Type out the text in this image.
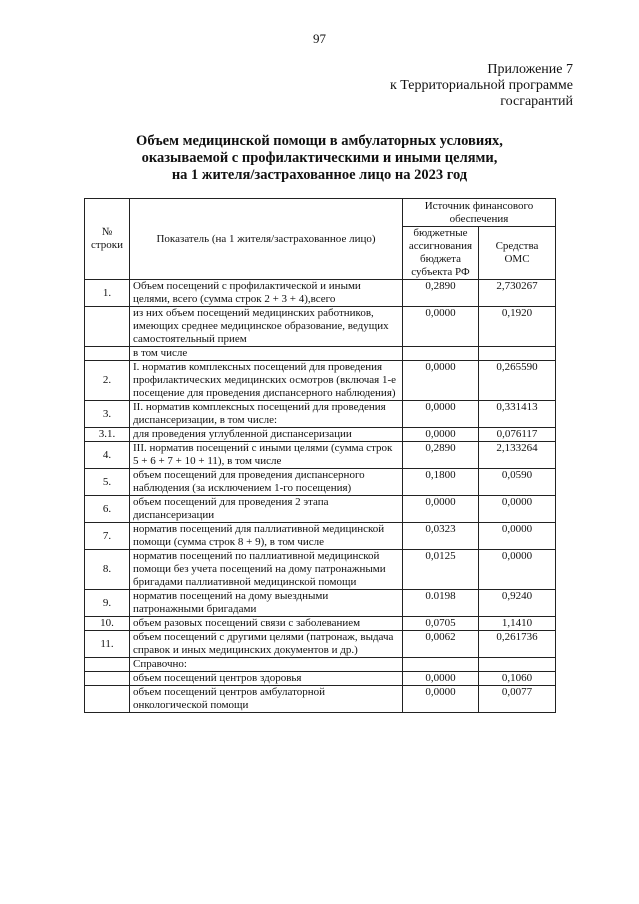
97
Приложение 7
к Территориальной программе
госгарантий
Объем медицинской помощи в амбулаторных условиях,
оказываемой с профилактическими и иными целями,
на 1 жителя/застрахованное лицо на 2023 год
№ строки	Показатель (на 1 жителя/застрахованное лицо)	Источник финансового обеспечения	
		бюджетные ассигнования бюджета субъекта РФ	Средства ОМС
1.	Объем посещений с профилактической и иными целями, всего (сумма строк 2 + 3 + 4),всего	0,2890	2,730267
	из них объем посещений медицинских работников, имеющих среднее медицинское образование, ведущих самостоятельный прием	0,0000	0,1920
	в том числе		
2.	I. норматив комплексных посещений для проведения профилактических медицинских осмотров (включая 1-е посещение для проведения диспансерного наблюдения)	0,0000	0,265590
3.	II. норматив комплексных посещений для проведения диспансеризации, в том числе:	0,0000	0,331413
3.1.	для проведения углубленной диспансеризации	0,0000	0,076117
4.	III. норматив посещений с иными целями (сумма строк 5 + 6 + 7 + 10 + 11), в том числе	0,2890	2,133264
5.	объем посещений для проведения диспансерного наблюдения (за исключением 1-го посещения)	0,1800	0,0590
6.	объем посещений для проведения 2 этапа диспансеризации	0,0000	0,0000
7.	норматив посещений для паллиативной медицинской помощи (сумма строк 8 + 9), в том числе	0,0323	0,0000
8.	норматив посещений по паллиативной медицинской помощи без учета посещений на дому патронажными бригадами паллиативной медицинской помощи	0,0125	0,0000
9.	норматив посещений на дому выездными патронажными бригадами	0.0198	0,9240
10.	объем разовых посещений связи с заболеванием	0,0705	1,1410
11.	объем посещений с другими целями (патронаж, выдача справок и иных медицинских документов и др.)	0,0062	0,261736
	Справочно:		
	объем посещений центров здоровья	0,0000	0,1060
	объем посещений центров амбулаторной онкологической помощи	0,0000	0,0077
